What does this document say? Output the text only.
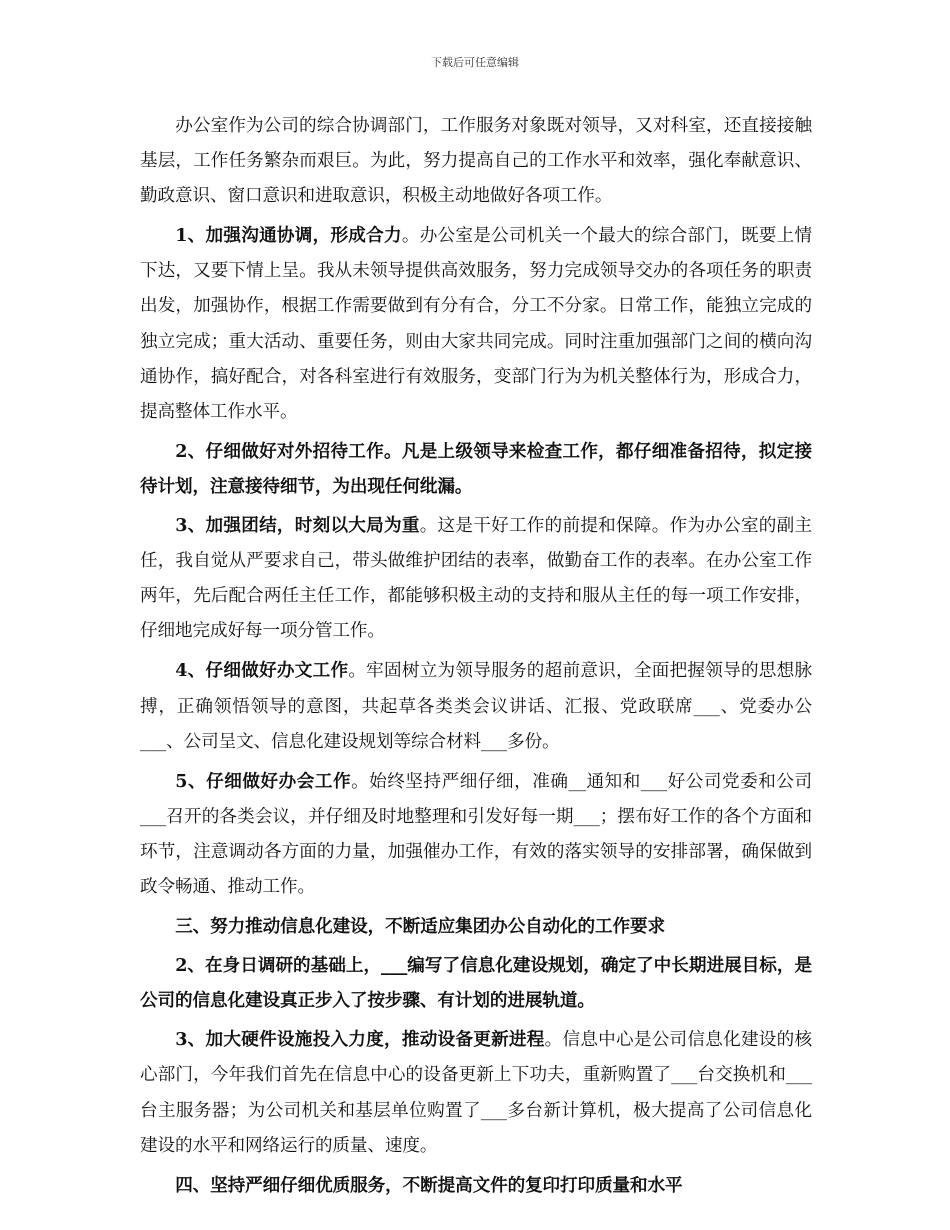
下载后可任意编辑

办公室作为公司的综合协调部门，工作服务对象既对领导，又对科室，还直接接触基层，工作任务繁杂而艰巨。为此，努力提高自己的工作水平和效率，强化奉献意识、勤政意识、窗口意识和进取意识，积极主动地做好各项工作。

1、加强沟通协调，形成合力。办公室是公司机关一个最大的综合部门，既要上情下达，又要下情上呈。我从未领导提供高效服务，努力完成领导交办的各项任务的职责出发，加强协作，根据工作需要做到有分有合，分工不分家。日常工作，能独立完成的独立完成；重大活动、重要任务，则由大家共同完成。同时注重加强部门之间的横向沟通协作，搞好配合，对各科室进行有效服务，变部门行为为机关整体行为，形成合力，提高整体工作水平。

2、仔细做好对外招待工作。凡是上级领导来检查工作，都仔细准备招待，拟定接待计划，注意接待细节，为出现任何纰漏。

3、加强团结，时刻以大局为重。这是干好工作的前提和保障。作为办公室的副主任，我自觉从严要求自己，带头做维护团结的表率，做勤奋工作的表率。在办公室工作两年，先后配合两任主任工作，都能够积极主动的支持和服从主任的每一项工作安排，仔细地完成好每一项分管工作。

4、仔细做好办文工作。牢固树立为领导服务的超前意识，全面把握领导的思想脉搏，正确领悟领导的意图，共起草各类类会议讲话、汇报、党政联席___、党委办公___、公司呈文、信息化建设规划等综合材料___多份。

5、仔细做好办会工作。始终坚持严细仔细，准确__通知和___好公司党委和公司___召开的各类会议，并仔细及时地整理和引发好每一期___；摆布好工作的各个方面和环节，注意调动各方面的力量，加强催办工作，有效的落实领导的安排部署，确保做到政令畅通、推动工作。

三、努力推动信息化建设，不断适应集团办公自动化的工作要求

2、在身日调研的基础上，___编写了信息化建设规划，确定了中长期进展目标，是公司的信息化建设真正步入了按步骤、有计划的进展轨道。

3、加大硬件设施投入力度，推动设备更新进程。信息中心是公司信息化建设的核心部门，今年我们首先在信息中心的设备更新上下功夫，重新购置了___台交换机和___台主服务器；为公司机关和基层单位购置了___多台新计算机，极大提高了公司信息化建设的水平和网络运行的质量、速度。

四、坚持严细仔细优质服务，不断提高文件的复印打印质量和水平
